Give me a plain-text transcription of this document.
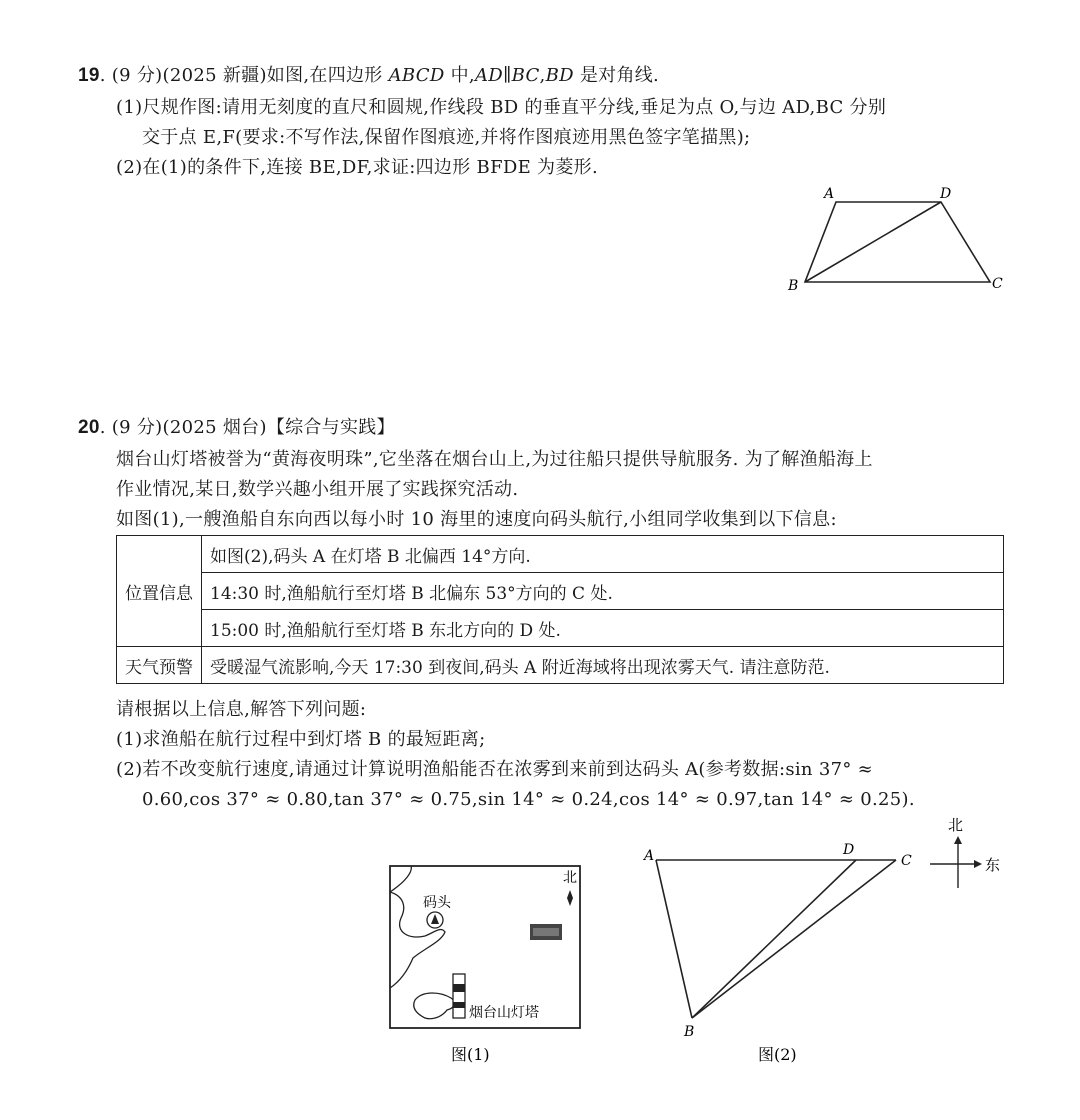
19. (9 分)(2025 新疆)如图,在四边形 ABCD 中,AD∥BC,BD 是对角线.
(1)尺规作图:请用无刻度的直尺和圆规,作线段 BD 的垂直平分线,垂足为点 O,与边 AD,BC 分别
交于点 E,F(要求:不写作法,保留作图痕迹,并将作图痕迹用黑色签字笔描黑);
(2)在(1)的条件下,连接 BE,DF,求证:四边形 BFDE 为菱形.
A	D
B	C
20. (9 分)(2025 烟台)【综合与实践】
烟台山灯塔被誉为“黄海夜明珠”,它坐落在烟台山上,为过往船只提供导航服务. 为了解渔船海上
作业情况,某日,数学兴趣小组开展了实践探究活动.
如图(1),一艘渔船自东向西以每小时 10 海里的速度向码头航行,小组同学收集到以下信息:
位置信息	如图(2),码头 A 在灯塔 B 北偏西 14°方向.
	14:30 时,渔船航行至灯塔 B 北偏东 53°方向的 C 处.
	15:00 时,渔船航行至灯塔 B 东北方向的 D 处.
天气预警	受暖湿气流影响,今天 17:30 到夜间,码头 A 附近海域将出现浓雾天气. 请注意防范.
请根据以上信息,解答下列问题:
(1)求渔船在航行过程中到灯塔 B 的最短距离;
(2)若不改变航行速度,请通过计算说明渔船能否在浓雾到来前到达码头 A(参考数据:sin 37° ≈
0.60,cos 37° ≈ 0.80,tan 37° ≈ 0.75,sin 14° ≈ 0.24,cos 14° ≈ 0.97,tan 14° ≈ 0.25).
码头
北
烟台山灯塔
图(1)
A	D
C
B
北
东
图(2)
